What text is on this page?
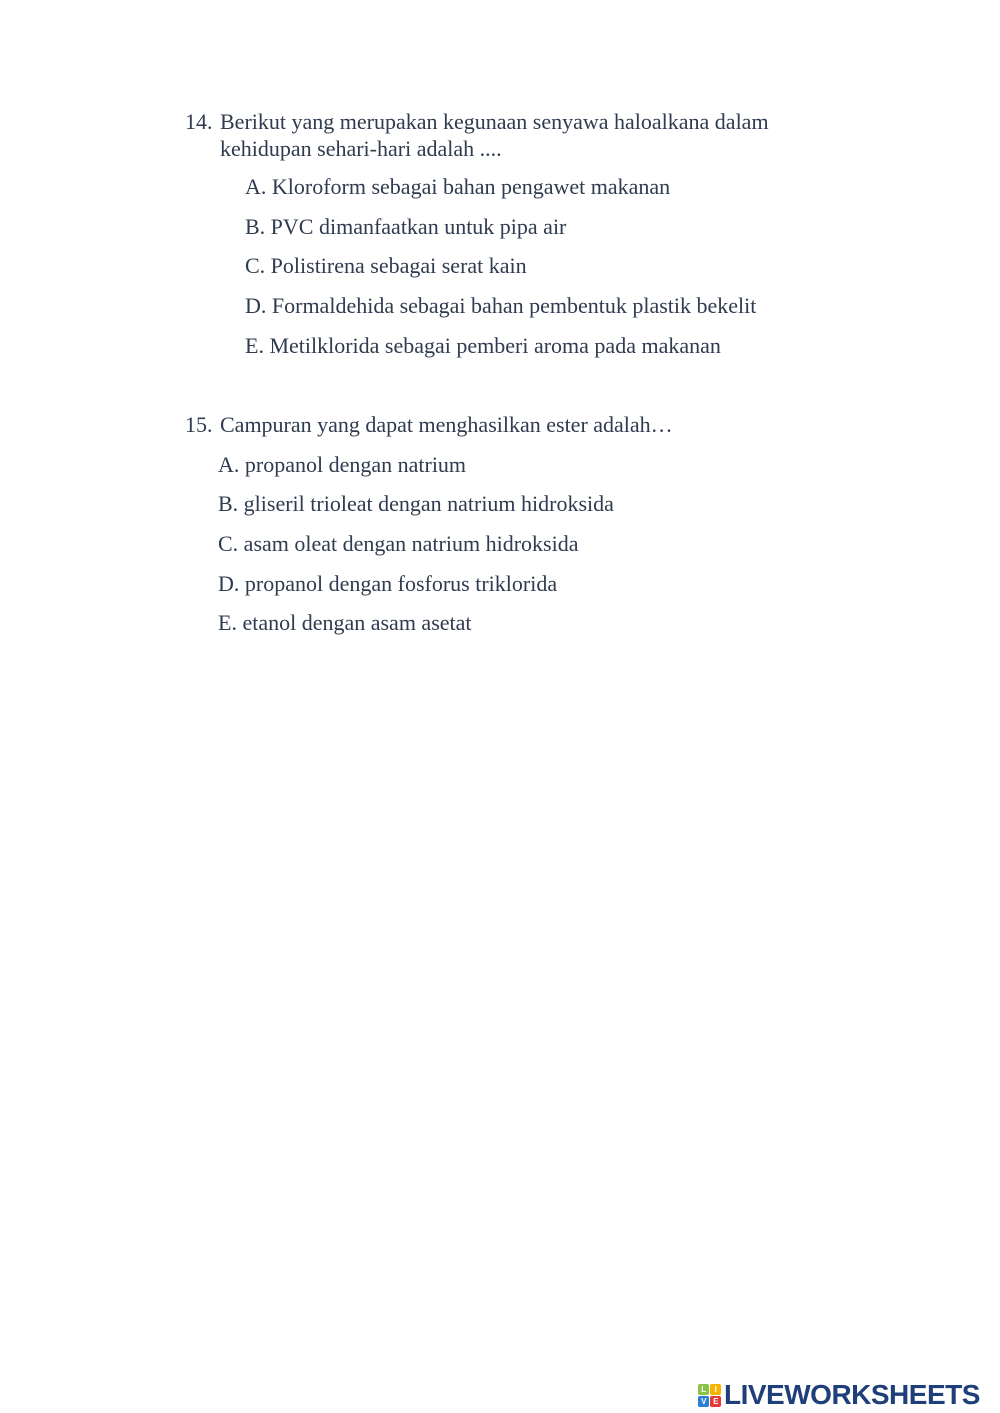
14. Berikut yang merupakan kegunaan senyawa haloalkana dalam
kehidupan sehari-hari adalah ....
A. Kloroform sebagai bahan pengawet makanan
B. PVC dimanfaatkan untuk pipa air
C. Polistirena sebagai serat kain
D. Formaldehida sebagai bahan pembentuk plastik bekelit
E. Metilklorida sebagai pemberi aroma pada makanan
15. Campuran yang dapat menghasilkan ester adalah…
A. propanol dengan natrium
B. gliseril trioleat dengan natrium hidroksida
C. asam oleat dengan natrium hidroksida
D. propanol dengan fosforus triklorida
E. etanol dengan asam asetat
L	I
V E LIVEWORKSHEETS
